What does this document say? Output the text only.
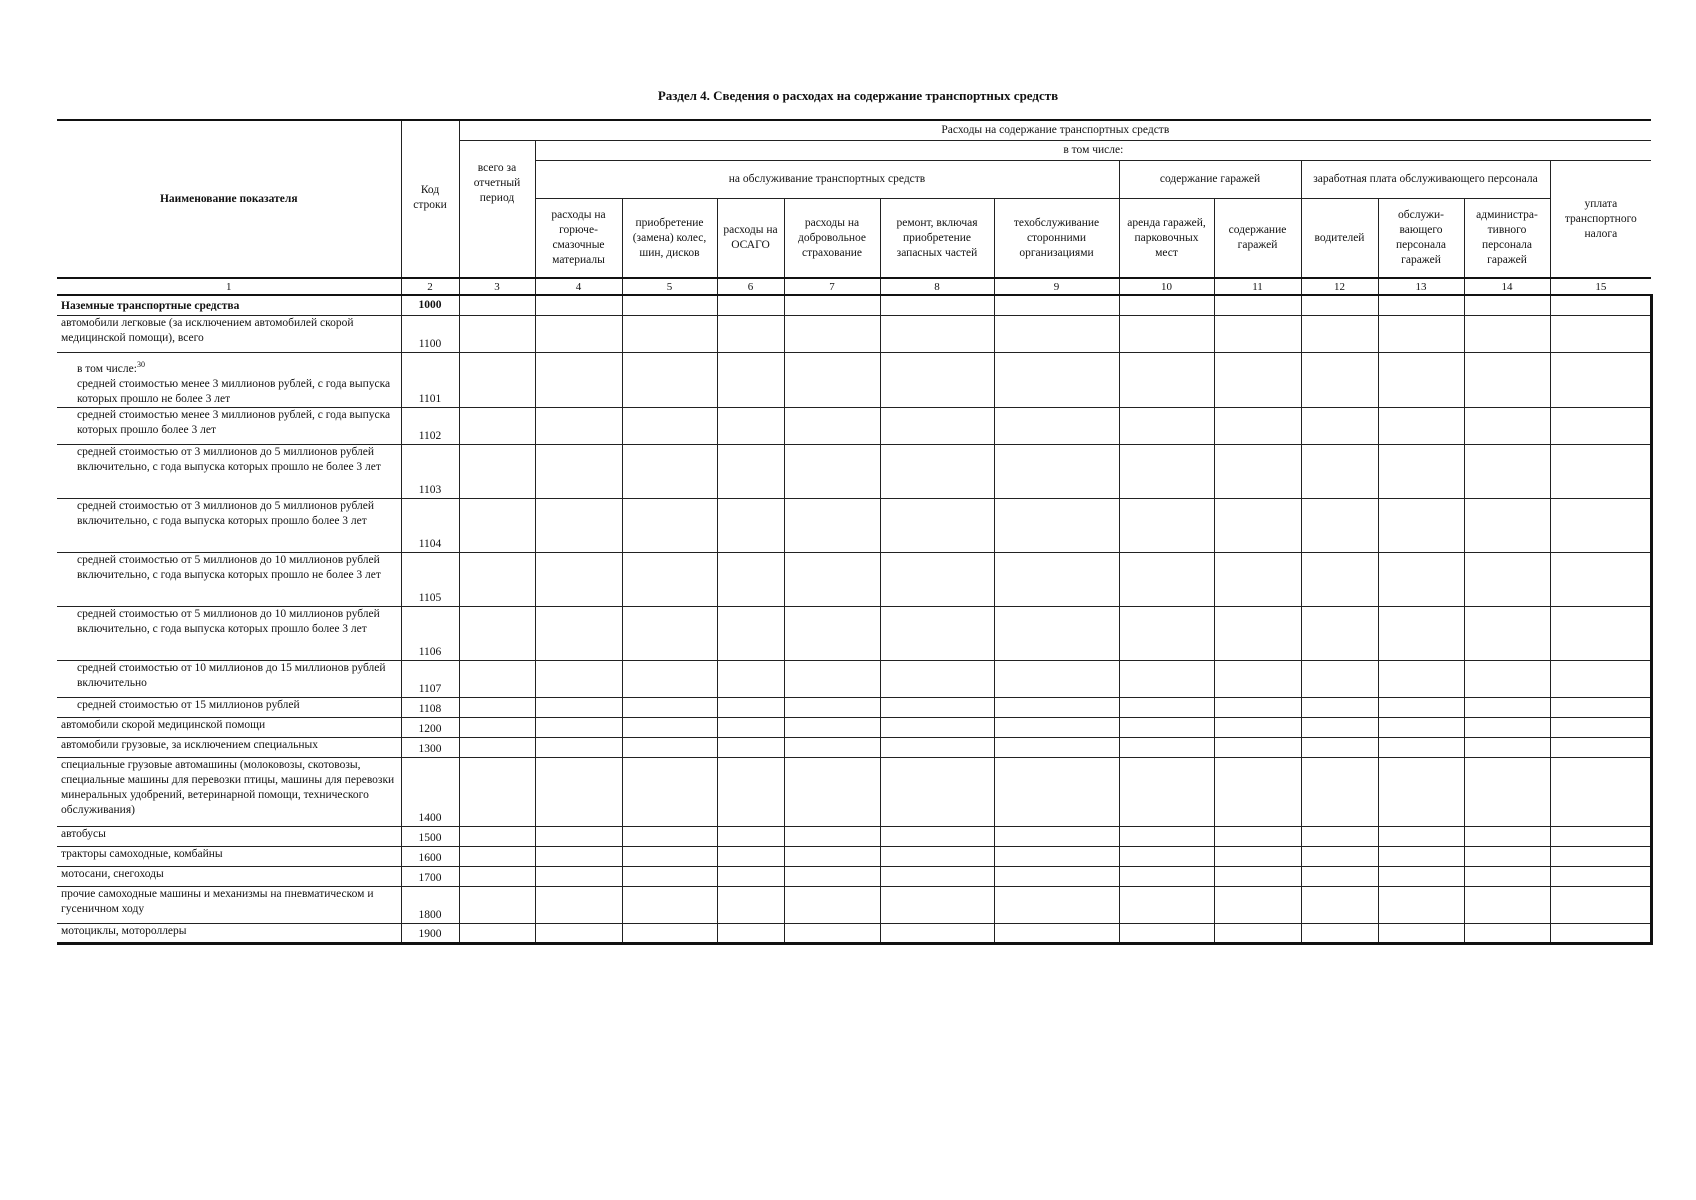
Раздел 4. Сведения о расходах на содержание транспортных средств
Наименование показателя	Код строки	Расходы на содержание транспортных средств												
		всего за отчетный период	в том числе:											
			на обслуживание транспортных средств						содержание гаражей		заработная плата обслуживающего персонала			уплата транспортного налога
			расходы на горюче-смазочные материалы	приобретение (замена) колес, шин, дисков	расходы на ОСАГО	расходы на добровольное страхование	ремонт, включая приобретение запасных частей	техобслуживание сторонними организациями	аренда гаражей, парковочных мест	содержание гаражей	водителей	обслужи-вающего персонала гаражей	администра-тивного персонала гаражей	

1	2	3	4	5	6	7	8	9	10	11	12	13	14	15
Наземные транспортные средства	1000													
автомобили легковые (за исключением автомобилей скорой медицинской помощи), всего	1100													
в том числе:$^{30}$
средней стоимостью менее 3 миллионов рублей, с года выпуска которых прошло не более 3 лет	1101													
средней стоимостью менее 3 миллионов рублей, с года выпуска которых прошло более 3 лет	1102													
средней стоимостью от 3 миллионов до 5 миллионов рублей включительно, с года выпуска которых прошло не более 3 лет	1103													
средней стоимостью от 3 миллионов до 5 миллионов рублей включительно, с года выпуска которых прошло более 3 лет	1104													
средней стоимостью от 5 миллионов до 10 миллионов рублей включительно, с года выпуска которых прошло не более 3 лет	1105													
средней стоимостью от 5 миллионов до 10 миллионов рублей включительно, с года выпуска которых прошло более 3 лет	1106													
средней стоимостью от 10 миллионов до 15 миллионов рублей включительно	1107													
средней стоимостью от 15 миллионов рублей	1108													
автомобили скорой медицинской помощи	1200													
автомобили грузовые, за исключением специальных	1300													
специальные грузовые автомашины (молоковозы, скотовозы, специальные машины для перевозки птицы, машины для перевозки минеральных удобрений, ветеринарной помощи, технического обслуживания)	1400													
автобусы	1500													
тракторы самоходные, комбайны	1600													
мотосани, снегоходы	1700													
прочие самоходные машины и механизмы на пневматическом и гусеничном ходу	1800													
мотоциклы, мотороллеры	1900													
